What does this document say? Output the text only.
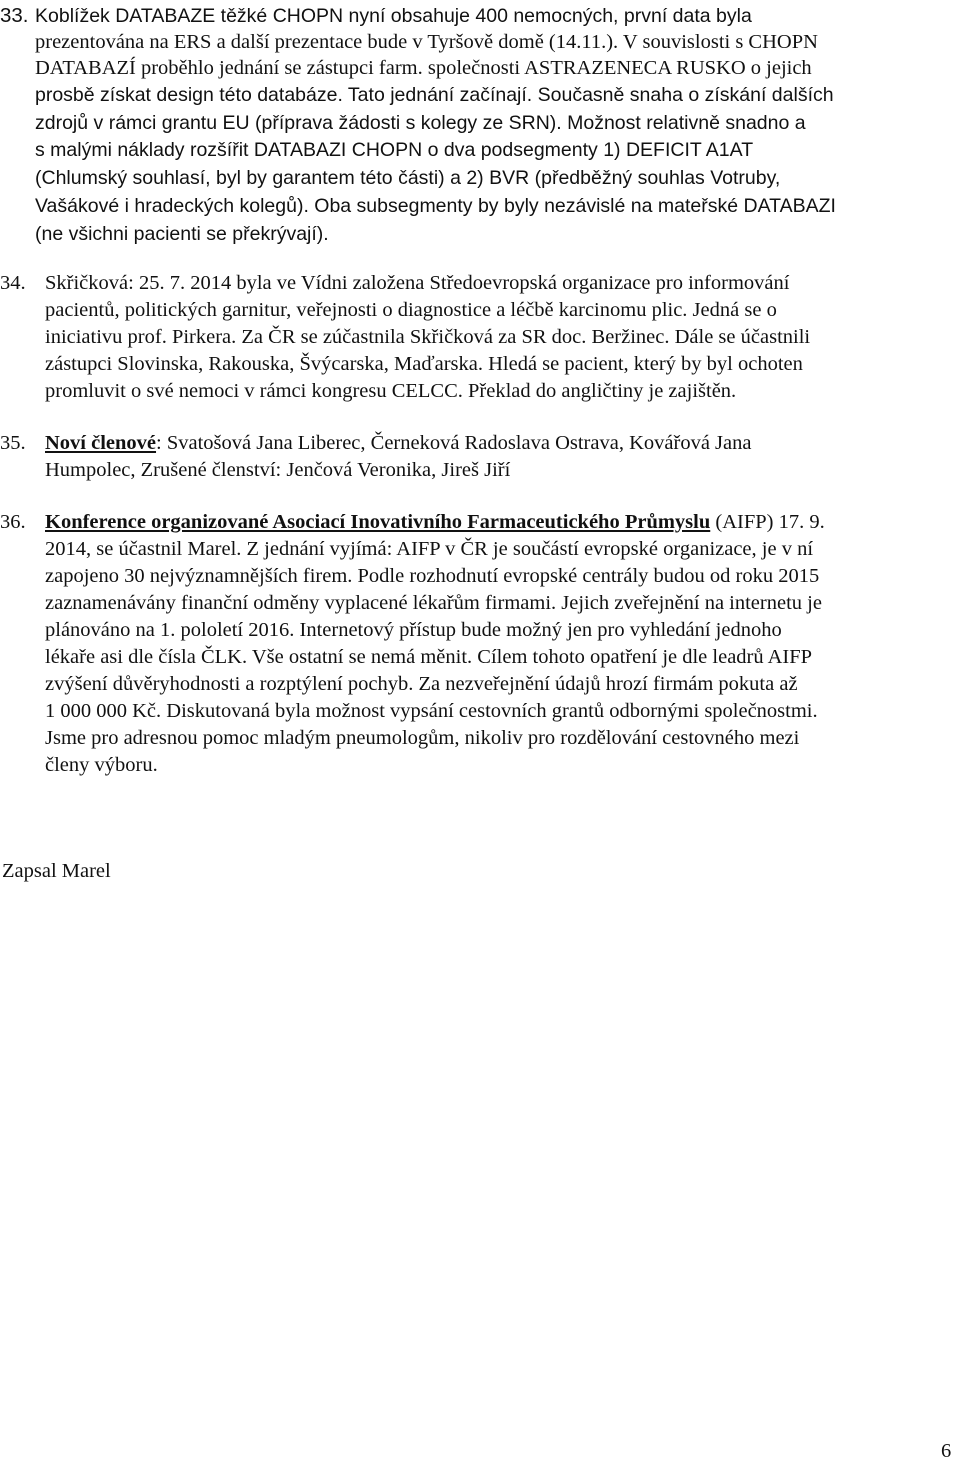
33. Koblížek DATABAZE těžké CHOPN nyní obsahuje 400 nemocných, první data byla
prezentována na ERS a další prezentace bude v Tyršově domě (14.11.). V souvislosti s CHOPN
DATABAZÍ proběhlo jednání se zástupci farm. společnosti ASTRAZENECA RUSKO o jejich
prosbě získat design této databáze. Tato jednání začínají. Současně snaha o získání dalších
zdrojů v rámci grantu EU (příprava žádosti s kolegy ze SRN). Možnost relativně snadno a
s malými náklady rozšířit DATABAZI CHOPN o dva podsegmenty 1) DEFICIT A1AT
(Chlumský souhlasí, byl by garantem této části) a 2) BVR (předběžný souhlas Votruby,
Vašákové i hradeckých kolegů). Oba subsegmenty by byly nezávislé na mateřské DATABAZI
(ne všichni pacienti se překrývají).
34. Skřičková: 25. 7. 2014 byla ve Vídni založena Středoevropská organizace pro informování
pacientů, politických garnitur, veřejnosti o diagnostice a léčbě karcinomu plic. Jedná se o
iniciativu prof. Pirkera. Za ČR se zúčastnila Skřičková za SR doc. Beržinec. Dále se účastnili
zástupci Slovinska, Rakouska, Švýcarska, Maďarska. Hledá se pacient, který by byl ochoten
promluvit o své nemoci v rámci kongresu CELCC. Překlad do angličtiny je zajištěn.
35. Noví členové: Svatošová Jana Liberec, Černeková Radoslava Ostrava, Kovářová Jana
Humpolec, Zrušené členství: Jenčová Veronika, Jireš Jiří
36. Konference organizované Asociací Inovativního Farmaceutického Průmyslu (AIFP) 17. 9.
2014, se účastnil Marel. Z jednání vyjímá: AIFP v ČR je součástí evropské organizace, je v ní
zapojeno 30 nejvýznamnějších firem. Podle rozhodnutí evropské centrály budou od roku 2015
zaznamenávány finanční odměny vyplacené lékařům firmami. Jejich zveřejnění na internetu je
plánováno na 1. pololetí 2016. Internetový přístup bude možný jen pro vyhledání jednoho
lékaře asi dle čísla ČLK. Vše ostatní se nemá měnit. Cílem tohoto opatření je dle leadrů AIFP
zvýšení důvěryhodnosti a rozptýlení pochyb. Za nezveřejnění údajů hrozí firmám pokuta až
1 000 000 Kč. Diskutovaná byla možnost vypsání cestovních grantů odbornými společnostmi.
Jsme pro adresnou pomoc mladým pneumologům, nikoliv pro rozdělování cestovného mezi
členy výboru.
Zapsal Marel
6
